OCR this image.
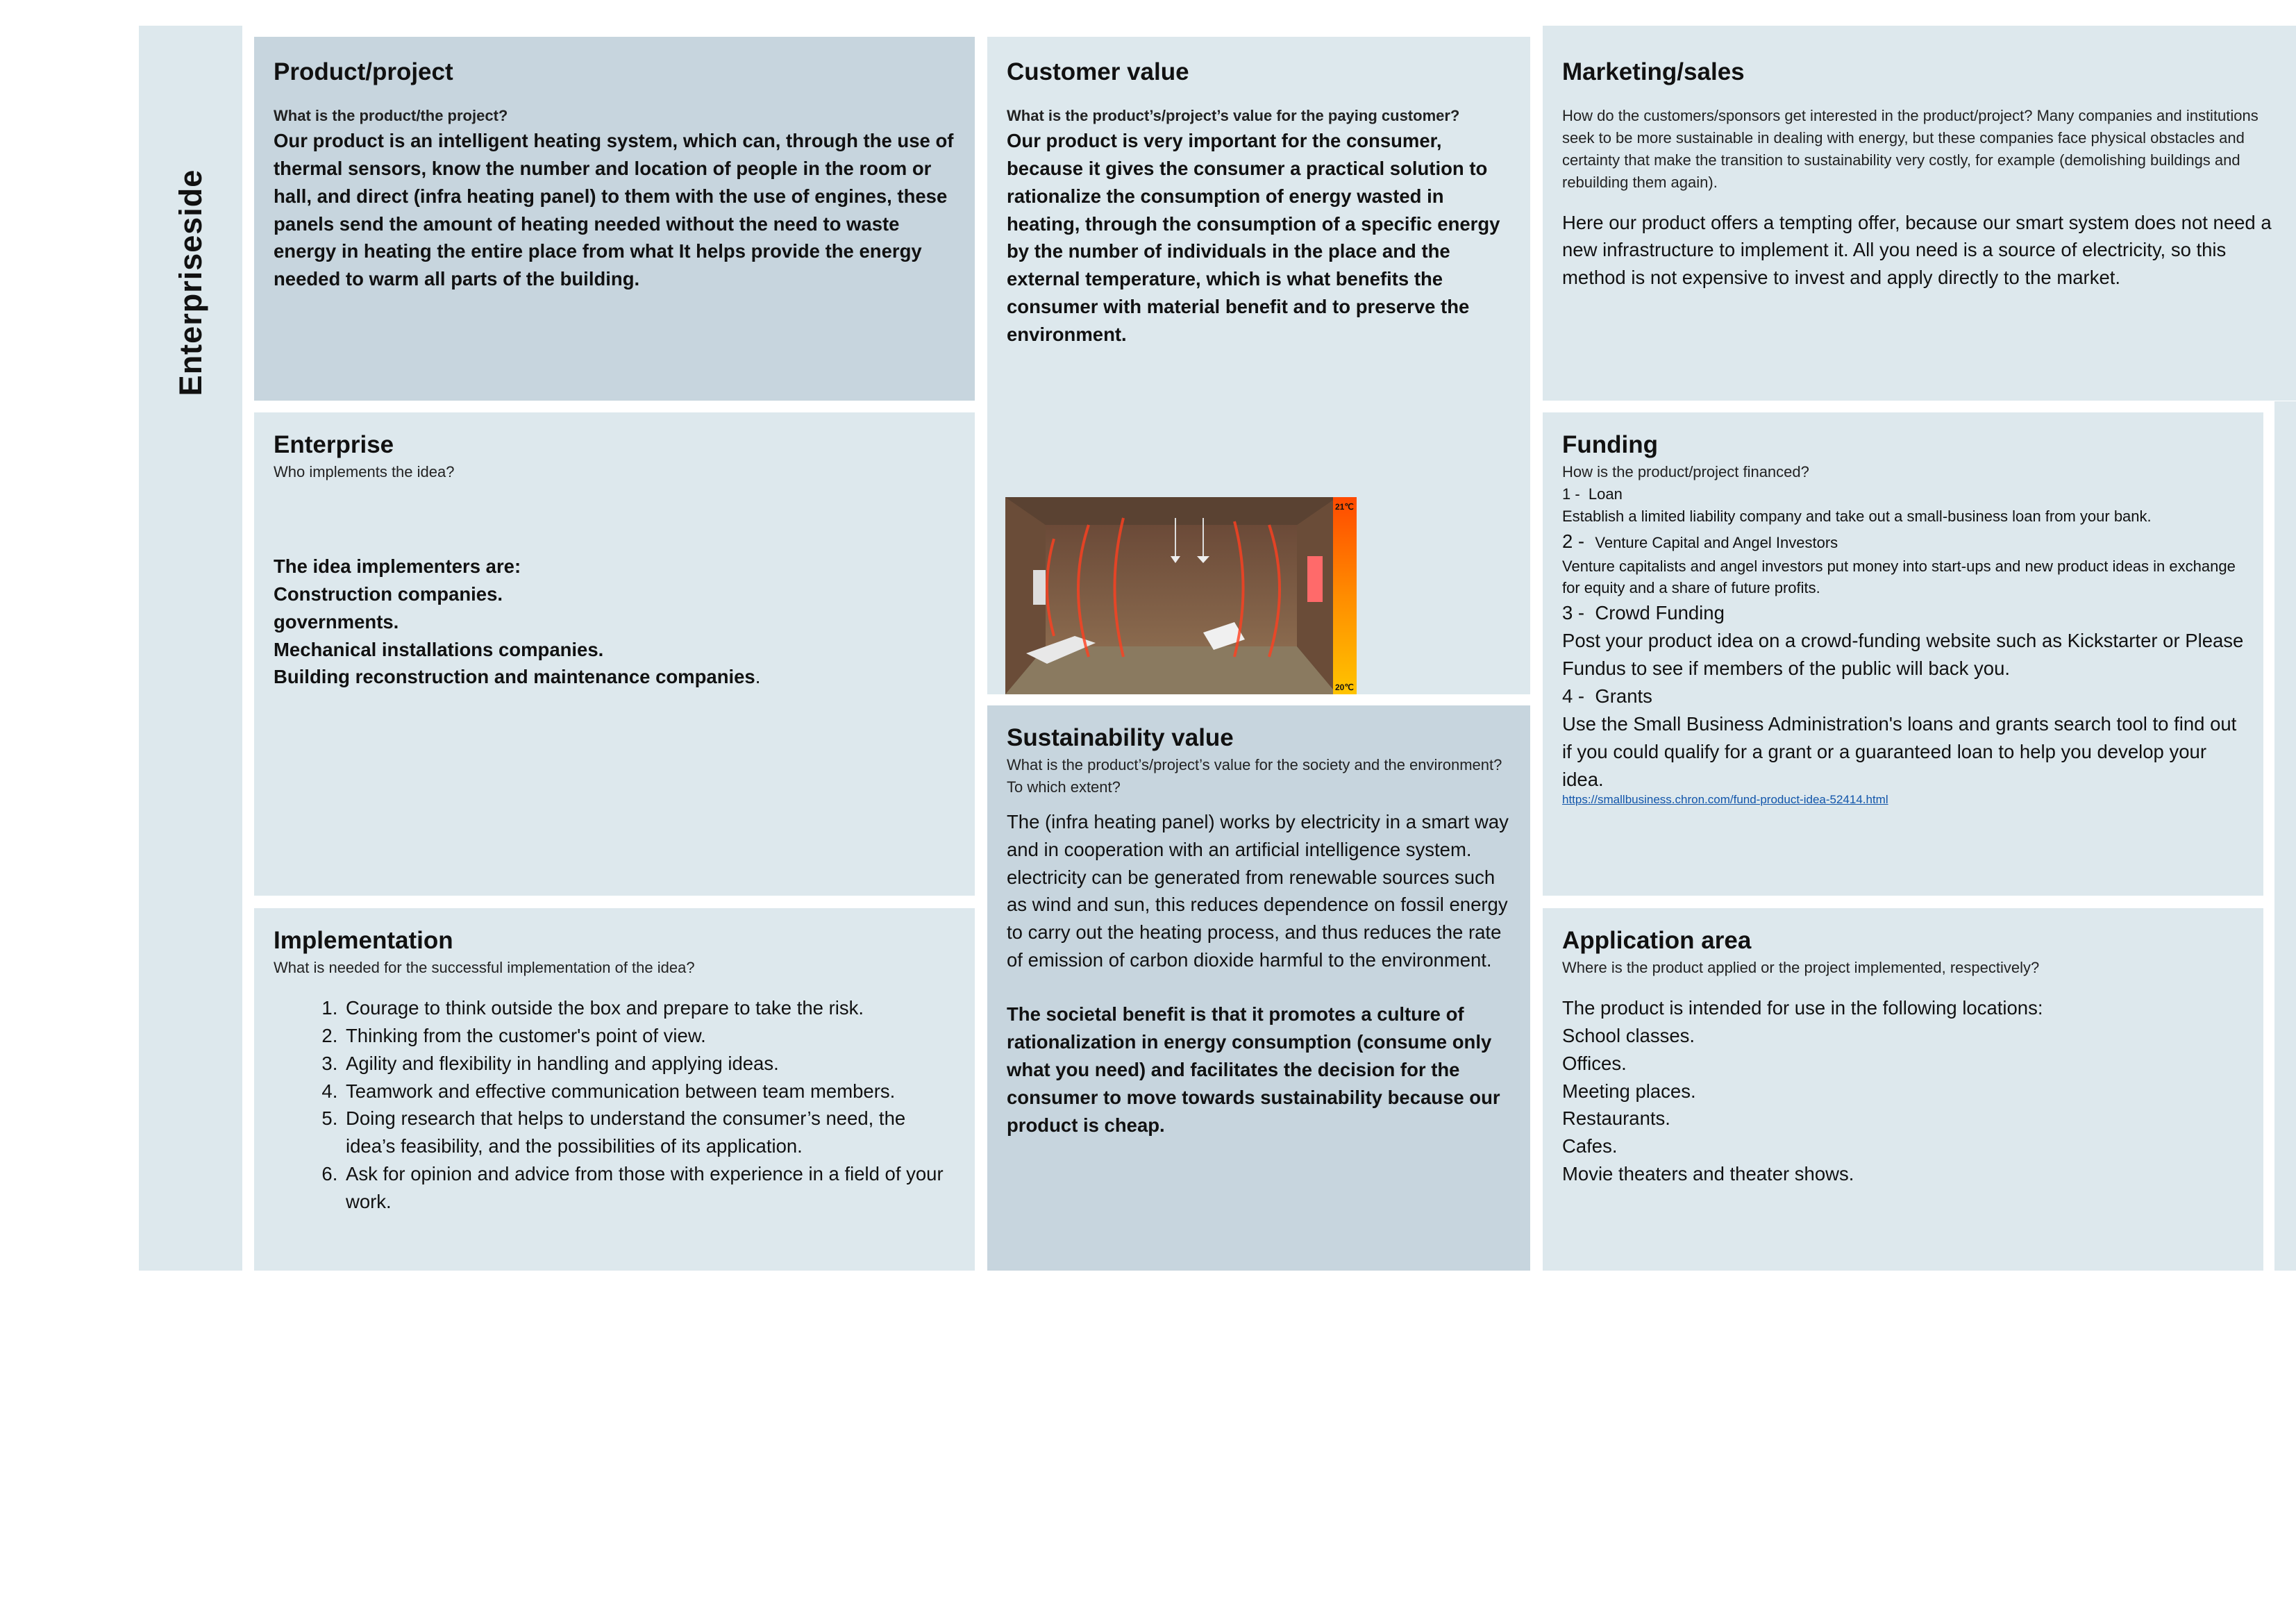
Enterpriseside
Product/project
What is the product/the project?
Our product is an intelligent heating system, which can, through the use of thermal sensors, know the number and location of people in the room or hall, and direct (infra heating panel) to them with the use of engines, these panels send the amount of heating needed without the need to waste energy in heating the entire place from what It helps provide the energy needed to warm all parts of the building.
Customer value
What is the product’s/project’s value for the paying customer?
Our product is very important for the consumer, because it gives the consumer a practical solution to rationalize the consumption of energy wasted in heating, through the consumption of a specific energy by the number of individuals in the place and the external temperature, which is what benefits the consumer with material benefit and to preserve the environment.
21℃
20℃
Marketing/sales
How do the customers/sponsors get interested in the product/project? Many companies and institutions seek to be more sustainable in dealing with energy, but these companies face physical obstacles and certainty that make the transition to sustainability very costly, for example (demolishing buildings and rebuilding them again).
Here our product offers a tempting offer, because our smart system does not need a new infrastructure to implement it. All you need is a source of electricity, so this method is not expensive to invest and apply directly to the market.
Enterprise
Who implements the idea?
The idea implementers are:
Construction companies.
governments.
Mechanical installations companies.
Building reconstruction and maintenance companies.
Funding
How is the product/project financed?
1 - Loan
Establish a limited liability company and take out a small-business loan from your bank.
2 - Venture Capital and Angel Investors
Venture capitalists and angel investors put money into start-ups and new product ideas in exchange for equity and a share of future profits.
3 - Crowd Funding
Post your product idea on a crowd-funding website such as Kickstarter or Please Fundus to see if members of the public will back you.
4 - Grants
Use the Small Business Administration's loans and grants search tool to find out if you could qualify for a grant or a guaranteed loan to help you develop your idea.
https://smallbusiness.chron.com/fund-product-idea-52414.html
Sustainability value
What is the product’s/project’s value for the society and the environment? To which extent?
The (infra heating panel) works by electricity in a smart way and in cooperation with an artificial intelligence system. electricity can be generated from renewable sources such as wind and sun, this reduces dependence on fossil energy to carry out the heating process, and thus reduces the rate of emission of carbon dioxide harmful to the environment.
The societal benefit is that it promotes a culture of rationalization in energy consumption (consume only what you need) and facilitates the decision for the consumer to move towards sustainability because our product is cheap.
Implementation
What is needed for the successful implementation of the idea?
1. Courage to think outside the box and prepare to take the risk.
2. Thinking from the customer's point of view.
3. Agility and flexibility in handling and applying ideas.
4. Teamwork and effective communication between team members.
5. Doing research that helps to understand the consumer’s need, the idea’s feasibility, and the possibilities of its application.
6. Ask for opinion and advice from those with experience in a field of your work.
Application area
Where is the product applied or the project implemented, respectively?
The product is intended for use in the following locations:
School classes.
Offices.
Meeting places.
Restaurants.
Cafes.
Movie theaters and theater shows.
